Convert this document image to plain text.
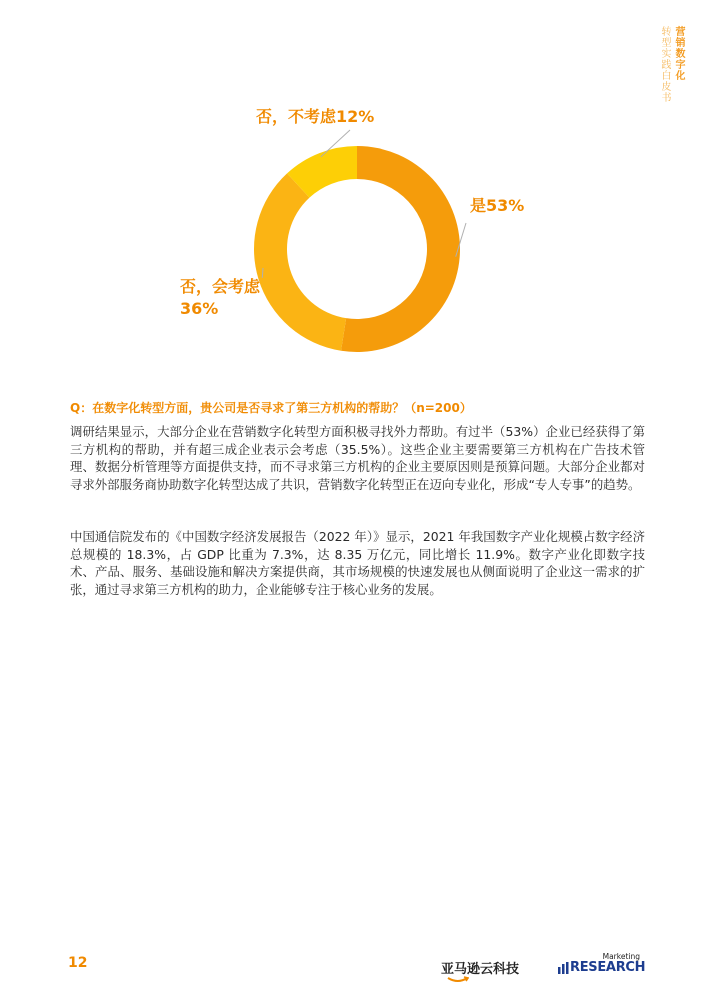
营销数字化
转型实践白皮书
是53%
否，会考虑
36%
否，不考虑12%
Q：在数字化转型方面，贵公司是否寻求了第三方机构的帮助？（n=200）

调研结果显示，大部分企业在营销数字化转型方面积极寻找外力帮助。有过半（53%）企业已经获得了第三方机构的帮助，并有超三成企业表示会考虑（35.5%）。这些企业主要需要第三方机构在广告技术管理、数据分析管理等方面提供支持，而不寻求第三方机构的企业主要原因则是预算问题。大部分企业都对寻求外部服务商协助数字化转型达成了共识，营销数字化转型正在迈向专业化，形成“专人专事”的趋势。

中国通信院发布的《中国数字经济发展报告（2022 年）》显示，2021 年我国数字产业化规模占数字经济总规模的 18.3%，占 GDP 比重为 7.3%，达 8.35 万亿元，同比增长 11.9%。数字产业化即数字技术、产品、服务、基础设施和解决方案提供商，其市场规模的快速发展也从侧面说明了企业这一需求的扩张，通过寻求第三方机构的助力，企业能够专注于核心业务的发展。

12	亚马逊云科技
Marketing
RESEARCH
